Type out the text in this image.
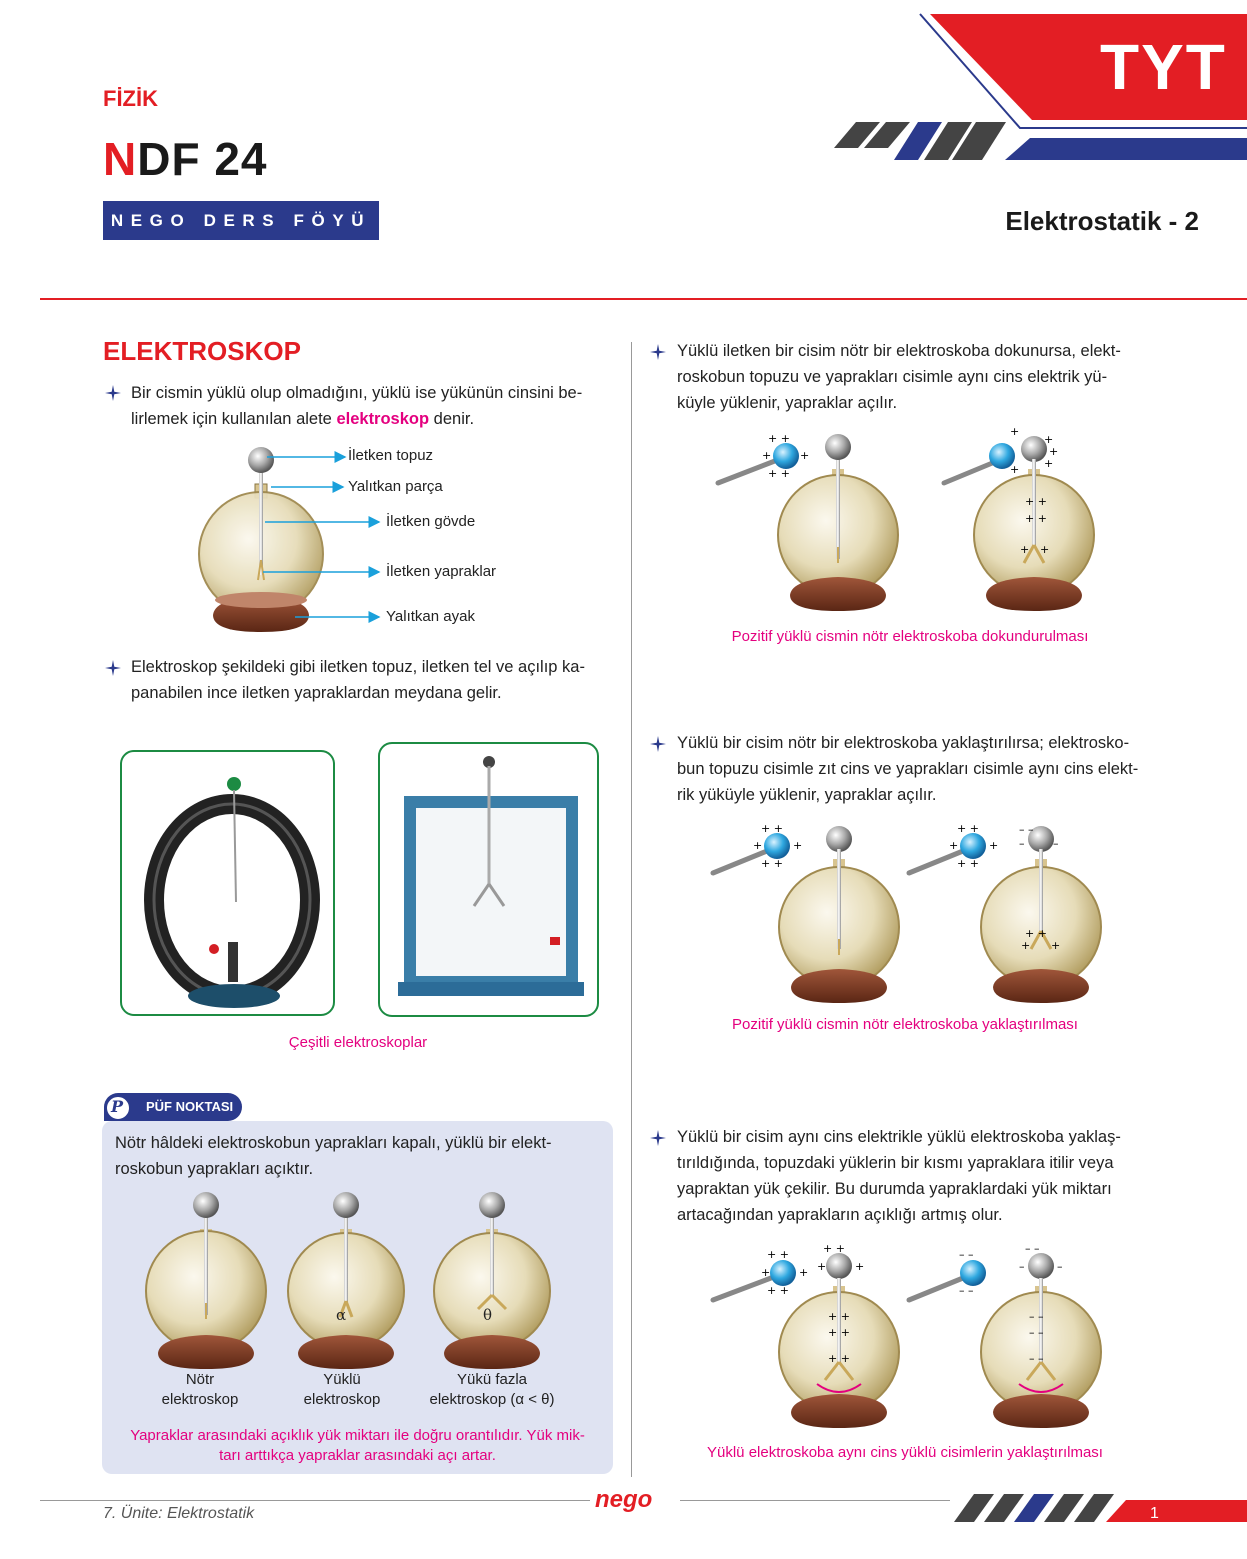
FİZİK
NDF 24
NEGO DERS FÖYÜ
TYT
Elektrostatik - 2
ELEKTROSKOP
Bir cismin yüklü olup olmadığını, yüklü ise yükünün cinsini be-
lirlemek için kullanılan alete elektroskop denir.
İletken topuz
Yalıtkan parça
İletken gövde
İletken yapraklar
Yalıtkan ayak
Elektroskop şekildeki gibi iletken topuz, iletken tel ve açılıp ka-
panabilen ince iletken yapraklardan meydana gelir.
Çeşitli elektroskoplar
P PÜF NOKTASI
Nötr hâldeki elektroskobun yaprakları kapalı, yüklü bir elekt-
roskobun yaprakları açıktır.
α	θ
Nötr
elektroskop
Yüklü
elektroskop
Yükü fazla
elektroskop (α < θ)
Yapraklar arasındaki açıklık yük miktarı ile doğru orantılıdır. Yük mik-
tarı arttıkça yapraklar arasındaki açı artar.
Yüklü iletken bir cisim nötr bir elektroskoba dokunursa, elekt-
roskobun topuzu ve yaprakları cisimle aynı cins elektrik yü-
küyle yüklenir, yapraklar açılır.
+ +
+	+
+ +
+
+
+
+
+
+ +
+ +
+ +
Pozitif yüklü cismin nötr elektroskoba dokundurulması
Yüklü bir cisim nötr bir elektroskoba yaklaştırılırsa; elektrosko-
bun topuzu cisimle zıt cins ve yaprakları cisimle aynı cins elekt-
rik yüküyle yüklenir, yapraklar açılır.
+ +
+	+
+ +
+ +
+	+
+ +
– –
–	–
+ +
+ +
Pozitif yüklü cismin nötr elektroskoba yaklaştırılması
Yüklü bir cisim aynı cins elektrikle yüklü elektroskoba yaklaş-
tırıldığında, topuzdaki yüklerin bir kısmı yapraklara itilir veya
yapraktan yük çekilir. Bu durumda yapraklardaki yük miktarı
artacağından yaprakların açıklığı artmış olur.
+ +
+	+
+ +
+ +
+	+
+ +
+ +
+ +
– –
– –
– –
–	–
– –
– –
– –
Yüklü elektroskoba aynı cins yüklü cisimlerin yaklaştırılması
7. Ünite: Elektrostatik
nego
1
